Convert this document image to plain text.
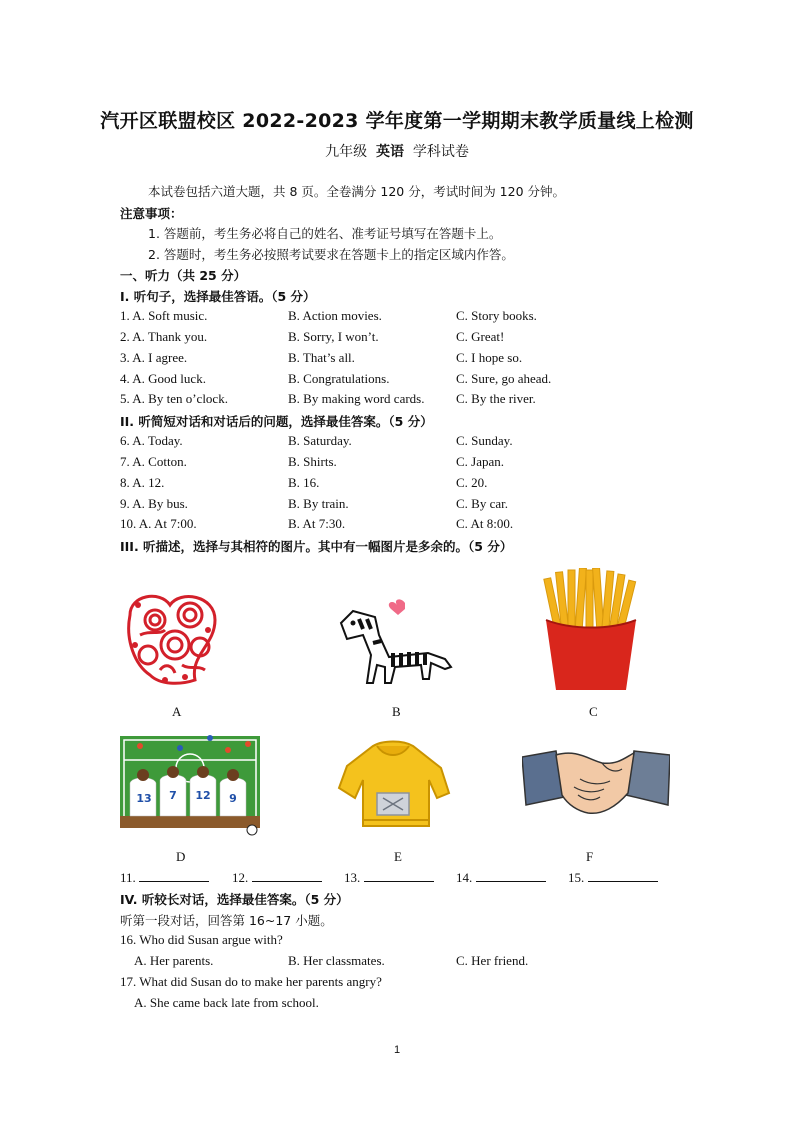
汽开区联盟校区 2022-2023 学年度第一学期期末教学质量线上检测
九年级 英语 学科试卷
本试卷包括六道大题，共 8 页。全卷满分 120 分，考试时间为 120 分钟。
注意事项：
1. 答题前，考生务必将自己的姓名、准考证号填写在答题卡上。
2. 答题时，考生务必按照考试要求在答题卡上的指定区域内作答。
一、听力（共 25 分）
I. 听句子，选择最佳答语。（5 分）
1. A. Soft music.	B. Action movies.	C. Story books.
2. A. Thank you.	B. Sorry, I won’t.	C. Great!
3. A. I agree.	B. That’s all.	C. I hope so.
4. A. Good luck.	B. Congratulations.	C. Sure, go ahead.
5. A. By ten o’clock.	B. By making word cards. C. By the river.
II. 听简短对话和对话后的问题，选择最佳答案。（5 分）
6. A. Today.	B. Saturday.	C. Sunday.
7. A. Cotton.	B. Shirts.	C. Japan.
8. A. 12.	B. 16.	C. 20.
9. A. By bus.	B. By train.	C. By car.
10. A. At 7:00.	B. At 7:30.	C. At 8:00.
III. 听描述，选择与其相符的图片。其中有一幅图片是多余的。（5 分）
A	B	C
13	7	12	9
D	E	F
11.	12.	13.	14.	15.
IV. 听较长对话，选择最佳答案。（5 分）
听第一段对话，回答第 16~17 小题。
16. Who did Susan argue with?
A. Her parents.	B. Her classmates.	C. Her friend.
17. What did Susan do to make her parents angry?
A. She came back late from school.
1
